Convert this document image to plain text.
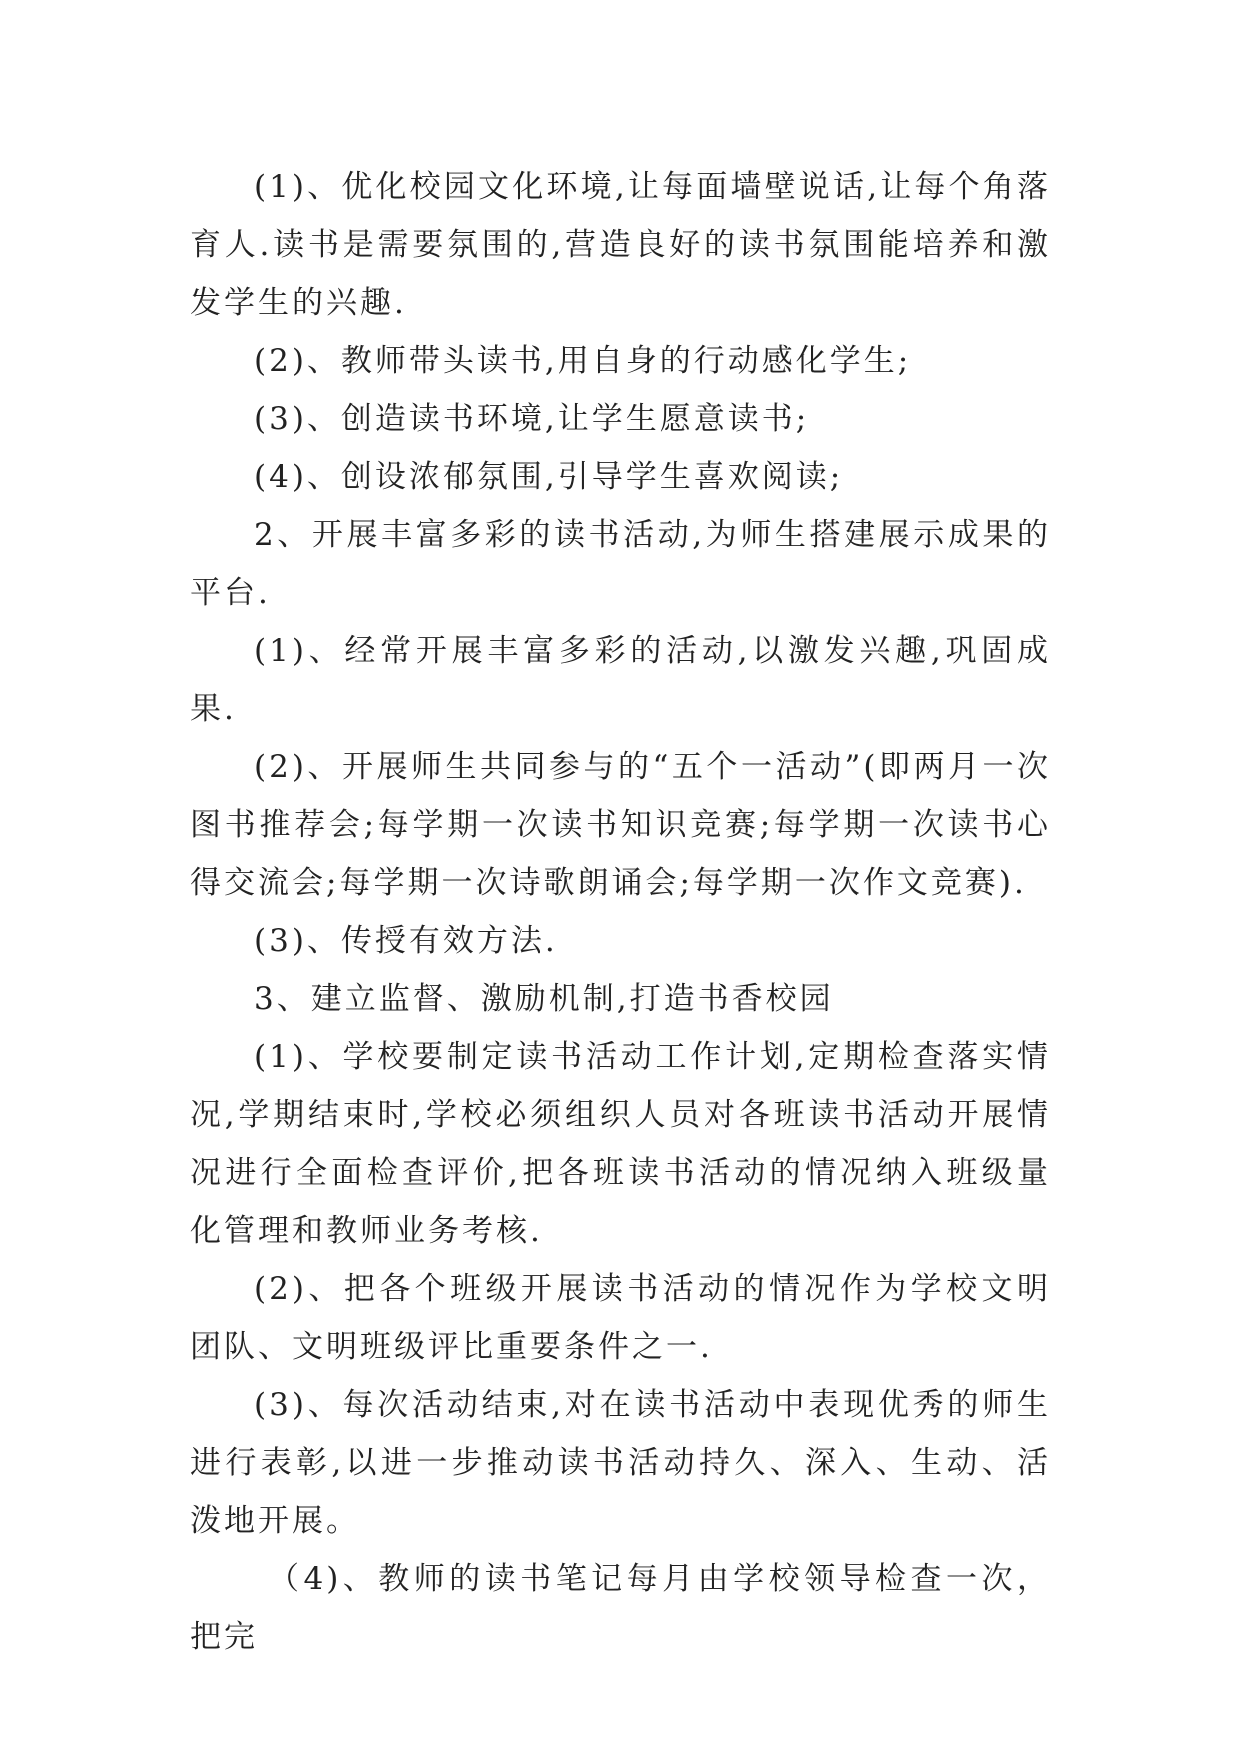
(1)、优化校园文化环境,让每面墙壁说话,让每个角落育人.读书是需要氛围的,营造良好的读书氛围能培养和激发学生的兴趣.

(2)、教师带头读书,用自身的行动感化学生;

(3)、创造读书环境,让学生愿意读书;

(4)、创设浓郁氛围,引导学生喜欢阅读;

2、开展丰富多彩的读书活动,为师生搭建展示成果的平台.

(1)、经常开展丰富多彩的活动,以激发兴趣,巩固成果.

(2)、开展师生共同参与的“五个一活动”(即两月一次图书推荐会;每学期一次读书知识竞赛;每学期一次读书心得交流会;每学期一次诗歌朗诵会;每学期一次作文竞赛).

(3)、传授有效方法.

3、建立监督、激励机制,打造书香校园

(1)、学校要制定读书活动工作计划,定期检查落实情况,学期结束时,学校必须组织人员对各班读书活动开展情况进行全面检查评价,把各班读书活动的情况纳入班级量化管理和教师业务考核.

(2)、把各个班级开展读书活动的情况作为学校文明团队、文明班级评比重要条件之一.

(3)、每次活动结束,对在读书活动中表现优秀的师生进行表彰,以进一步推动读书活动持久、深入、生动、活泼地开展。

（4)、教师的读书笔记每月由学校领导检查一次，把完
